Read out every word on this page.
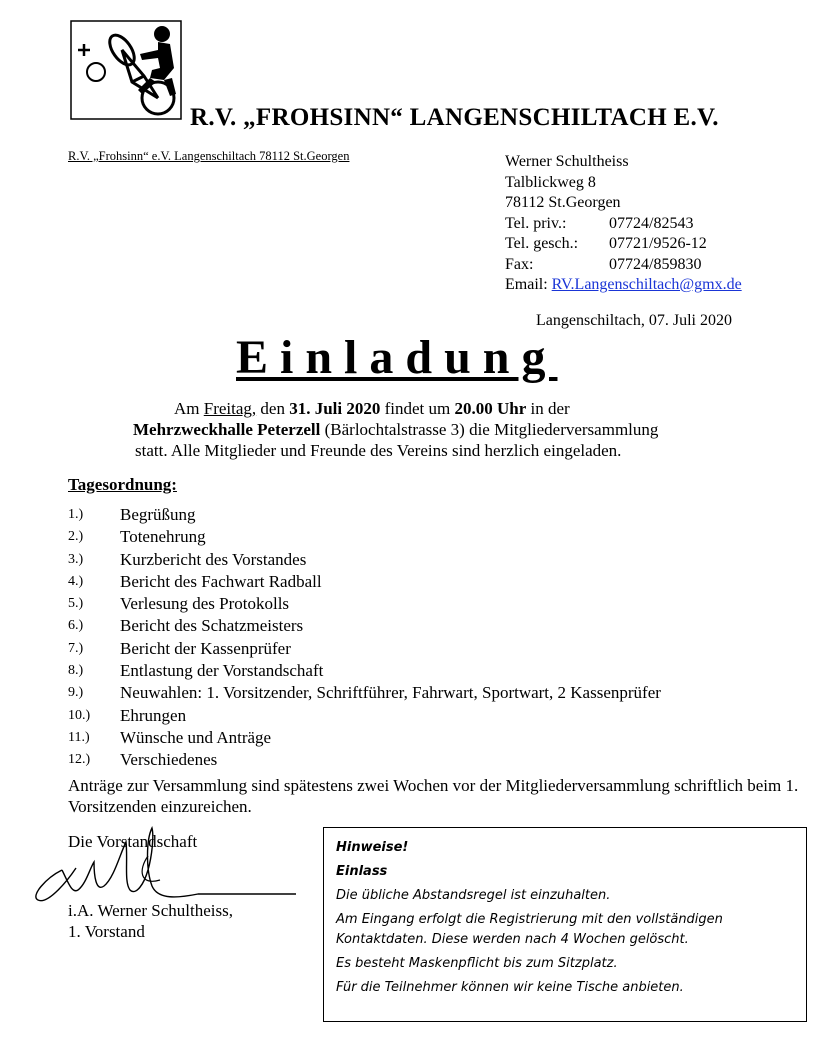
R.V. „FROHSINN“ LANGENSCHILTACH E.V.
R.V. „Frohsinn“ e.V. Langenschiltach 78112 St.Georgen	Werner Schultheiss
Talblickweg 8
78112 St.Georgen
Tel. priv.:	07724/82543
Tel. gesch.:	07721/9526-12
Fax:	07724/859830
Email: RV.Langenschiltach@gmx.de
Langenschiltach, 07. Juli 2020
Einladung
Am Freitag, den 31. Juli 2020 findet um 20.00 Uhr in der
Mehrzweckhalle Peterzell (Bärlochtalstrasse 3) die Mitgliederversammlung
statt. Alle Mitglieder und Freunde des Vereins sind herzlich eingeladen.
Tagesordnung:
1.)	Begrüßung
2.)	Totenehrung
3.)	Kurzbericht des Vorstandes
4.)	Bericht des Fachwart Radball
5.)	Verlesung des Protokolls
6.)	Bericht des Schatzmeisters
7.)	Bericht der Kassenprüfer
8.)	Entlastung der Vorstandschaft
9.)	Neuwahlen: 1. Vorsitzender, Schriftführer, Fahrwart, Sportwart, 2 Kassenprüfer
10.)	Ehrungen
11.)	Wünsche und Anträge
12.)	Verschiedenes
Anträge zur Versammlung sind spätestens zwei Wochen vor der Mitgliederversammlung schriftlich beim 1. Vorsitzenden einzureichen.
Die Vorstandschaft
i.A. Werner Schultheiss,
1. Vorstand
Hinweise!
Einlass
Die übliche Abstandsregel ist einzuhalten.
Am Eingang erfolgt die Registrierung mit den vollständigen Kontaktdaten. Diese werden nach 4 Wochen gelöscht.
Es besteht Maskenpflicht bis zum Sitzplatz.
Für die Teilnehmer können wir keine Tische anbieten.
